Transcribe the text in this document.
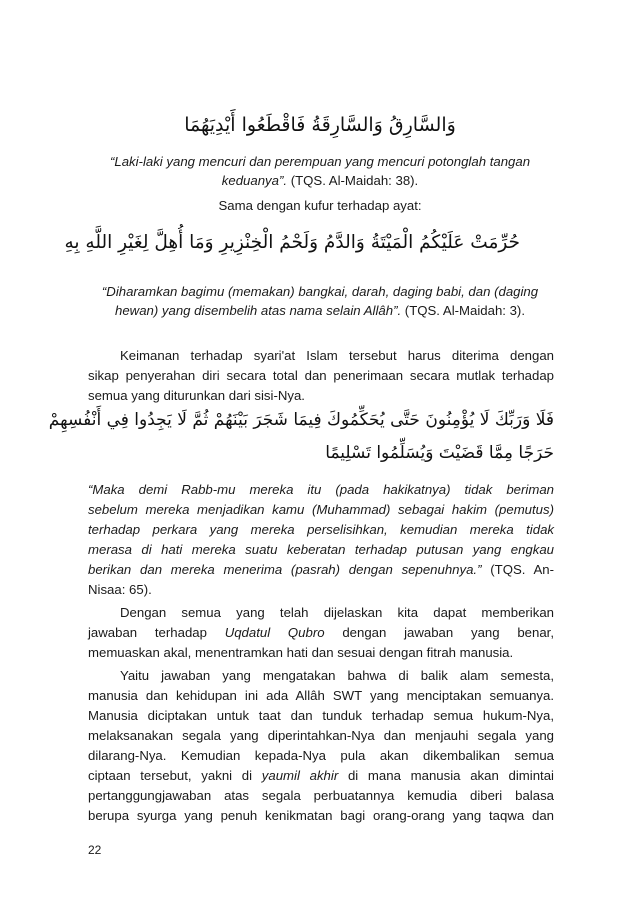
وَالسَّارِقُ وَالسَّارِقَةُ فَاقْطَعُوا أَيْدِيَهُمَا
“Laki-laki yang mencuri dan perempuan yang mencuri potonglah tangan
keduanya”. (TQS. Al-Maidah: 38).
Sama dengan kufur terhadap ayat:
حُرِّمَتْ عَلَيْكُمُ الْمَيْتَةُ وَالدَّمُ وَلَحْمُ الْخِنْزِيرِ وَمَا أُهِلَّ لِغَيْرِ اللَّهِ بِهِ
“Diharamkan bagimu (memakan) bangkai, darah, daging babi, dan (daging
hewan) yang disembelih atas nama selain Allâh”. (TQS. Al-Maidah: 3).
Keimanan terhadap syari'at Islam tersebut harus diterima dengan
sikap penyerahan diri secara total dan penerimaan secara mutlak terhadap
semua yang diturunkan dari sisi-Nya.
فَلَا وَرَبِّكَ لَا يُؤْمِنُونَ حَتَّى يُحَكِّمُوكَ فِيمَا شَجَرَ بَيْنَهُمْ ثُمَّ لَا يَجِدُوا فِي أَنْفُسِهِمْ
حَرَجًا مِمَّا قَضَيْتَ وَيُسَلِّمُوا تَسْلِيمًا
“Maka demi Rabb-mu mereka itu (pada hakikatnya) tidak beriman
sebelum mereka menjadikan kamu (Muhammad) sebagai hakim (pemutus)
terhadap perkara yang mereka perselisihkan, kemudian mereka tidak
merasa di hati mereka suatu keberatan terhadap putusan yang engkau
berikan dan mereka menerima (pasrah) dengan sepenuhnya.” (TQS. An-
Nisaa: 65).
Dengan semua yang telah dijelaskan kita dapat memberikan
jawaban terhadap Uqdatul Qubro dengan jawaban yang benar,
memuaskan akal, menentramkan hati dan sesuai dengan fitrah manusia.
Yaitu jawaban yang mengatakan bahwa di balik alam semesta,
manusia dan kehidupan ini ada Allâh SWT yang menciptakan semuanya.
Manusia diciptakan untuk taat dan tunduk terhadap semua hukum-Nya,
melaksanakan segala yang diperintahkan-Nya dan menjauhi segala yang
dilarang-Nya. Kemudian kepada-Nya pula akan dikembalikan semua
ciptaan tersebut, yakni di yaumil akhir di mana manusia akan dimintai
pertanggungjawaban atas segala perbuatannya kemudia diberi balasa
berupa syurga yang penuh kenikmatan bagi orang-orang yang taqwa dan
22
